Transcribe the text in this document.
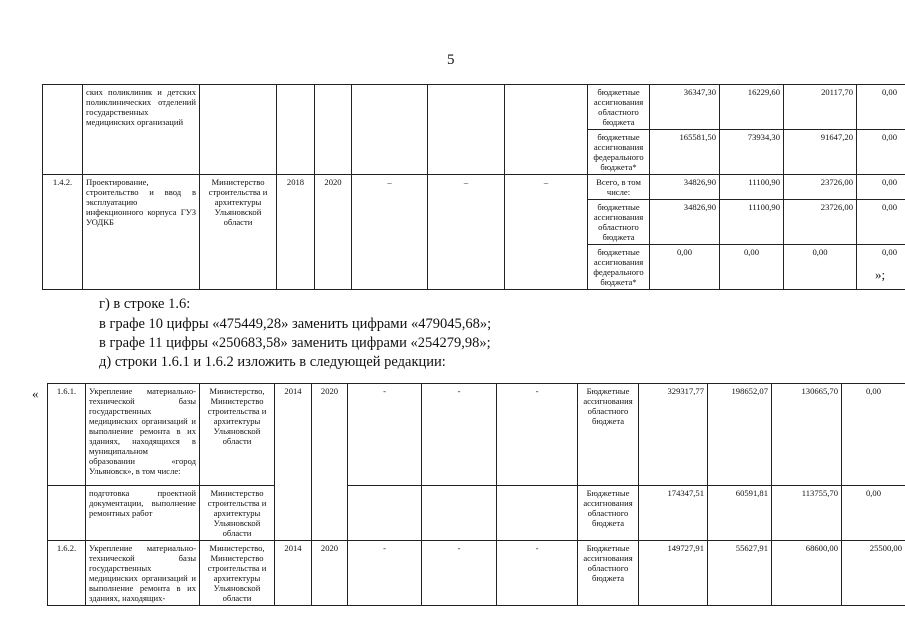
5
	ских поликлиник и детских поликлинических отделений государственных медицинских организаций							бюджетные ассигнования областного бюджета	36347,30	16229,60	20117,70	0,00
								бюджетные ассигнования федерального бюджета*	165581,50	73934,30	91647,20	0,00
1.4.2.	Проектирование, строительство и ввод в эксплуатацию инфекционного корпуса ГУЗ УОДКБ	Министерство строительства и архитектуры Ульяновской области	2018	2020	–	–	–	Всего, в том числе:	34826,90	11100,90	23726,00	0,00
								бюджетные ассигнования областного бюджета	34826,90	11100,90	23726,00	0,00
								бюджетные ассигнования федерального бюджета*	0,00	0,00	0,00	0,00
»;
г) в строке 1.6:
в графе 10 цифры «475449,28» заменить цифрами «479045,68»;
в графе 11 цифры «250683,58» заменить цифрами «254279,98»;
д) строки 1.6.1 и 1.6.2 изложить в следующей редакции:
« 1.6.1.	Укрепление материально-технической базы государственных медицинских организаций и выполнение ремонта в их зданиях, находящихся в муниципальном образовании «город Ульяновск», в том числе:	Министерство, Министерство строительства и архитектуры Ульяновской области	2014	2020	-	-	-	Бюджетные ассигнования областного бюджета	329317,77	198652,07	130665,70	0,00
	подготовка проектной документации, выполнение ремонтных работ	Министерство строительства и архитектуры Ульяновской области						Бюджетные ассигнования областного бюджета	174347,51	60591,81	113755,70	0,00
1.6.2.	Укрепление материально-технической базы государственных медицинских организаций и выполнение ремонта в их зданиях, находящих-	Министерство, Министерство строительства и архитектуры Ульяновской области	2014	2020	-	-	-	Бюджетные ассигнования областного бюджета	149727,91	55627,91	68600,00	25500,00
